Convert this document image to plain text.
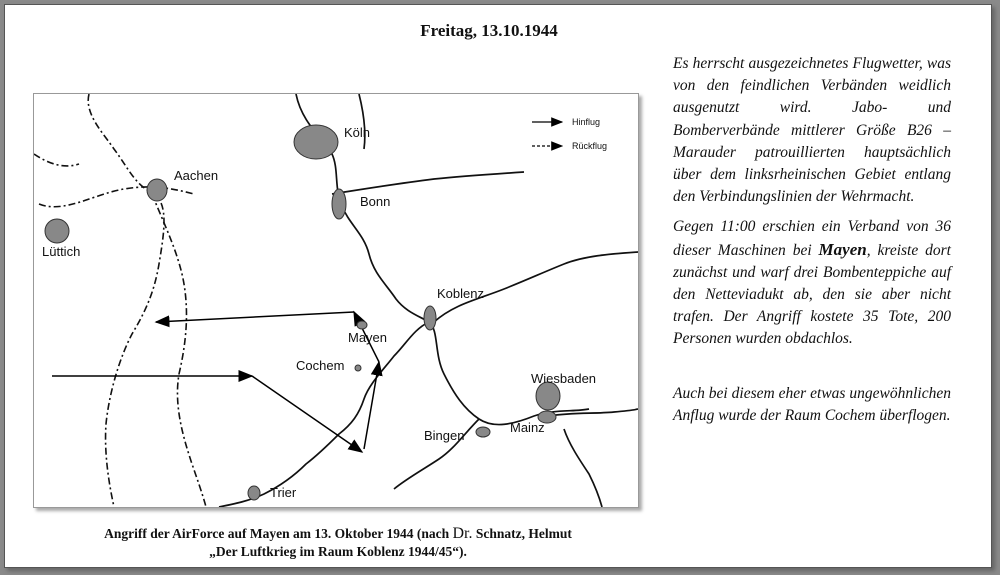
Freitag, 13.10.1944
Hinflug
Rückflug
Köln
Aachen
Bonn
Lüttich
Koblenz
Mayen
Cochem
Wiesbaden
Mainz
Bingen
Trier
Angriff der AirForce auf Mayen am 13. Oktober 1944 (nach Dr. Schnatz, Helmut
„Der Luftkrieg im Raum Koblenz 1944/45“).

Es herrscht ausgezeichnetes Flugwetter, was von den feindlichen Verbänden weidlich ausgenutzt wird. Jabo- und Bomberverbände mittlerer Größe B26 – Marauder patrouillierten hauptsächlich über dem linksrheinischen Gebiet entlang den Verbindungslinien der Wehrmacht.

Gegen 11:00 erschien ein Verband von 36 dieser Maschinen bei Mayen, kreiste dort zunächst und warf drei Bombenteppiche auf den Netteviadukt ab, den sie aber nicht trafen. Der Angriff kostete 35 Tote, 200 Personen wurden obdachlos.

Auch bei diesem eher etwas ungewöhnlichen Anflug wurde der Raum Cochem überflogen.
